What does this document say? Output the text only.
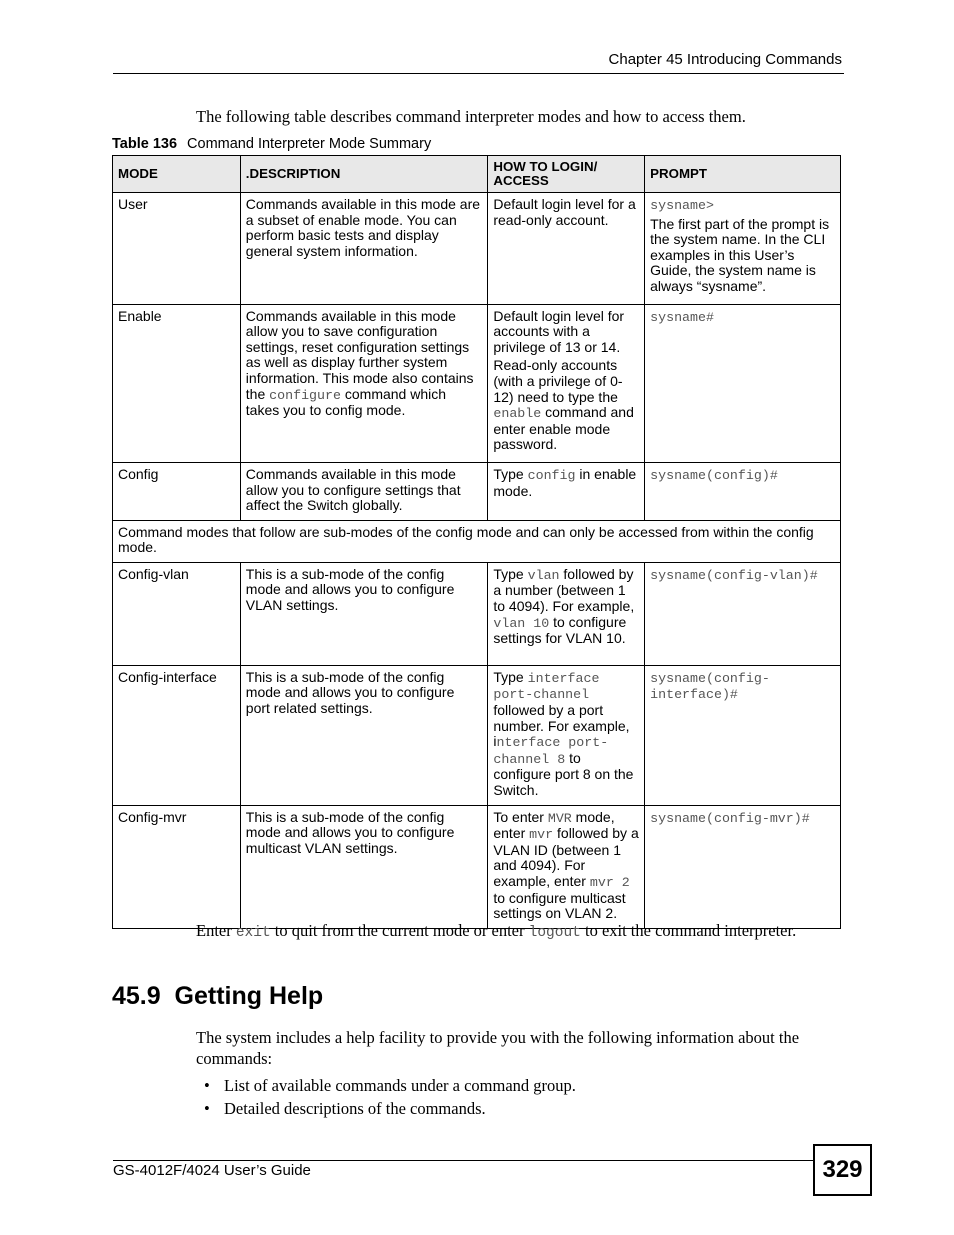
Chapter 45 Introducing Commands
The following table describes command interpreter modes and how to access them.
Table 136 Command Interpreter Mode Summary
MODE	.DESCRIPTION	HOW TO LOGIN/ ACCESS	PROMPT
User	Commands available in this mode are a subset of enable mode. You can perform basic tests and display general system information.	Default login level for a read-only account.	sysname>

The first part of the prompt is the system name. In the CLI examples in this User’s Guide, the system name is always “sysname”.

Enable	Commands available in this mode allow you to save configuration settings, reset configuration settings as well as display further system information. This mode also contains the configure command which takes you to config mode.	Default login level for accounts with a privilege of 13 or 14.

Read-only accounts (with a privilege of 0-12) need to type the enable command and enter enable mode password.	sysname#
Config	Commands available in this mode allow you to configure settings that affect the Switch globally.	Type config in enable mode.	sysname(config)#
Command modes that follow are sub-modes of the config mode and can only be accessed from within the config mode.			
Config-vlan	This is a sub-mode of the config mode and allows you to configure VLAN settings.	Type vlan followed by a number (between 1 to 4094). For example, vlan 10 to configure settings for VLAN 10.	sysname(config-vlan)#
Config-interface	This is a sub-mode of the config mode and allows you to configure port related settings.	Type interface port-channel followed by a port number. For example, interface port-channel 8 to configure port 8 on the Switch.	sysname(config-interface)#
Config-mvr	This is a sub-mode of the config mode and allows you to configure multicast VLAN settings.	To enter MVR mode, enter mvr followed by a VLAN ID (between 1 and 4094). For example, enter mvr 2 to configure multicast settings on VLAN 2.	sysname(config-mvr)#
Enter exit to quit from the current mode or enter logout to exit the command interpreter.
45.9  Getting Help

The system includes a help facility to provide you with the following information about the commands:

• List of available commands under a command group.
• Detailed descriptions of the commands.
GS-4012F/4024 User’s Guide	329
